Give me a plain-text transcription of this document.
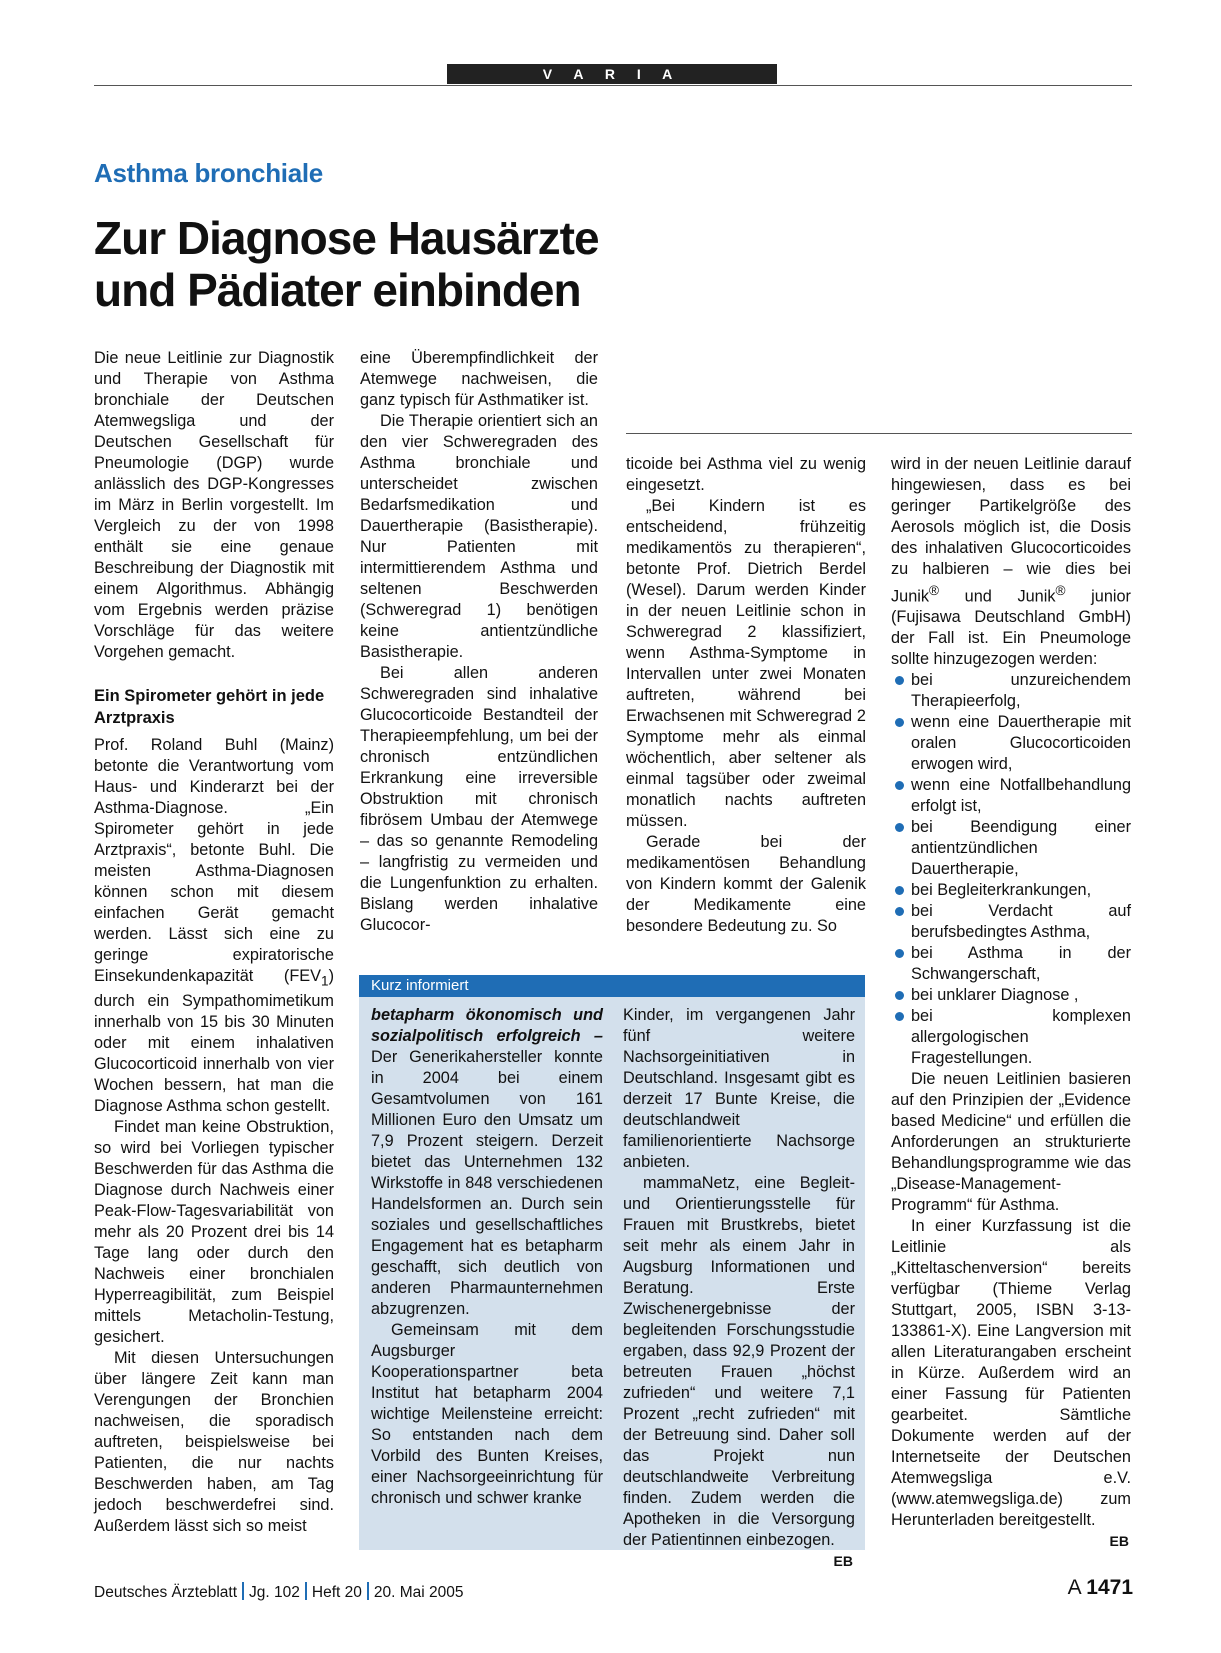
V A R I A
Asthma bronchiale
Zur Diagnose Hausärzte
und Pädiater einbinden

Die neue Leitlinie zur Diagnostik und Therapie von Asthma bronchiale der Deutschen Atemwegsliga und der Deutschen Gesellschaft für Pneumologie (DGP) wurde anlässlich des DGP-Kongresses im März in Berlin vorgestellt. Im Vergleich zu der von 1998 enthält sie eine genaue Beschreibung der Diagnostik mit einem Algorithmus. Abhängig vom Ergebnis werden präzise Vorschläge für das weitere Vorgehen gemacht.

Ein Spirometer gehört in jede Arztpraxis

Prof. Roland Buhl (Mainz) betonte die Verantwortung vom Haus- und Kinderarzt bei der Asthma-Diagnose. „Ein Spirometer gehört in jede Arztpraxis“, betonte Buhl. Die meisten Asthma-Diagnosen können schon mit diesem einfachen Gerät gemacht werden. Lässt sich eine zu geringe expiratorische Einsekundenkapazität $(FEV_1)$ durch ein Sympathomimetikum innerhalb von 15 bis 30 Minuten oder mit einem inhalativen Glucocorticoid innerhalb von vier Wochen bessern, hat man die Diagnose Asthma schon gestellt.

Findet man keine Obstruktion, so wird bei Vorliegen typischer Beschwerden für das Asthma die Diagnose durch Nachweis einer Peak-Flow-Tagesvariabilität von mehr als 20 Prozent drei bis 14 Tage lang oder durch den Nachweis einer bronchialen Hyperreagibilität, zum Beispiel mittels Metacholin-Testung, gesichert.

Mit diesen Untersuchungen über längere Zeit kann man Verengungen der Bronchien nachweisen, die sporadisch auftreten, beispielsweise bei Patienten, die nur nachts Beschwerden haben, am Tag jedoch beschwerdefrei sind. Außerdem lässt sich so meist

eine Überempfindlichkeit der Atemwege nachweisen, die ganz typisch für Asthmatiker ist.

Die Therapie orientiert sich an den vier Schweregraden des Asthma bronchiale und unterscheidet zwischen Bedarfsmedikation und Dauertherapie (Basistherapie). Nur Patienten mit intermittierendem Asthma und seltenen Beschwerden (Schweregrad 1) benötigen keine antientzündliche Basistherapie.

Bei allen anderen Schweregraden sind inhalative Glucocorticoide Bestandteil der Therapieempfehlung, um bei der chronisch entzündlichen Erkrankung eine irreversible Obstruktion mit chronisch fibrösem Umbau der Atemwege – das so genannte Remodeling – langfristig zu vermeiden und die Lungenfunktion zu erhalten. Bislang werden inhalative Glucocor-

ticoide bei Asthma viel zu wenig eingesetzt.

„Bei Kindern ist es entscheidend, frühzeitig medikamentös zu therapieren“, betonte Prof. Dietrich Berdel (Wesel). Darum werden Kinder in der neuen Leitlinie schon in Schweregrad 2 klassifiziert, wenn Asthma-Symptome in Intervallen unter zwei Monaten auftreten, während bei Erwachsenen mit Schweregrad 2 Symptome mehr als einmal wöchentlich, aber seltener als einmal tagsüber oder zweimal monatlich nachts auftreten müssen.

Gerade bei der medikamentösen Behandlung von Kindern kommt der Galenik der Medikamente eine besondere Bedeutung zu. So

wird in der neuen Leitlinie darauf hingewiesen, dass es bei geringer Partikelgröße des Aerosols möglich ist, die Dosis des inhalativen Glucocorticoides zu halbieren – wie dies bei Junik® und Junik® junior (Fujisawa Deutschland GmbH) der Fall ist. Ein Pneumologe sollte hinzugezogen werden:

bei unzureichendem Therapieerfolg,
wenn eine Dauertherapie mit oralen Glucocorticoiden erwogen wird,
wenn eine Notfallbehandlung erfolgt ist,
bei Beendigung einer antientzündlichen Dauertherapie,
bei Begleiterkrankungen,
bei Verdacht auf berufsbedingtes Asthma,
bei Asthma in der Schwangerschaft,
bei unklarer Diagnose ,
bei komplexen allergologischen Fragestellungen.

Die neuen Leitlinien basieren auf den Prinzipien der „Evidence based Medicine“ und erfüllen die Anforderungen an strukturierte Behandlungsprogramme wie das „Disease-Management-Programm“ für Asthma.

In einer Kurzfassung ist die Leitlinie als „Kitteltaschenversion“ bereits verfügbar (Thieme Verlag Stuttgart, 2005, ISBN 3-13-133861-X). Eine Langversion mit allen Literaturangaben erscheint in Kürze. Außerdem wird an einer Fassung für Patienten gearbeitet. Sämtliche Dokumente werden auf der Internetseite der Deutschen Atemwegsliga e.V. (www.atemwegsliga.de) zum Herunterladen bereitgestellt.
EB

Kurz informiert

betapharm ökonomisch und sozialpolitisch erfolgreich – Der Generikahersteller konnte in 2004 bei einem Gesamtvolumen von 161 Millionen Euro den Umsatz um 7,9 Prozent steigern. Derzeit bietet das Unternehmen 132 Wirkstoffe in 848 verschiedenen Handelsformen an. Durch sein soziales und gesellschaftliches Engagement hat es betapharm geschafft, sich deutlich von anderen Pharmaunternehmen abzugrenzen.

Gemeinsam mit dem Augsburger Kooperationspartner beta Institut hat betapharm 2004 wichtige Meilensteine erreicht: So entstanden nach dem Vorbild des Bunten Kreises, einer Nachsorgeeinrichtung für chronisch und schwer kranke

Kinder, im vergangenen Jahr fünf weitere Nachsorgeinitiativen in Deutschland. Insgesamt gibt es derzeit 17 Bunte Kreise, die deutschlandweit familienorientierte Nachsorge anbieten.

mammaNetz, eine Begleit- und Orientierungsstelle für Frauen mit Brustkrebs, bietet seit mehr als einem Jahr in Augsburg Informationen und Beratung. Erste Zwischenergebnisse der begleitenden Forschungsstudie ergaben, dass 92,9 Prozent der betreuten Frauen „höchst zufrieden“ und weitere 7,1 Prozent „recht zufrieden“ mit der Betreuung sind. Daher soll das Projekt nun deutschlandweite Verbreitung finden. Zudem werden die Apotheken in die Versorgung der Patientinnen einbezogen.
EB

Deutsches Ärzteblatt Jg. 102 Heft 20 20. Mai 2005	A 1471
